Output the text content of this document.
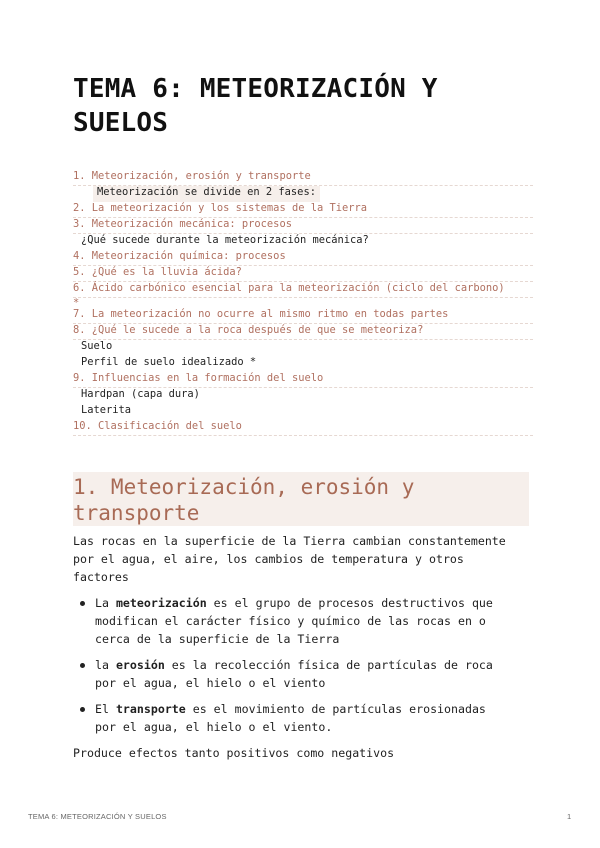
TEMA 6: METEORIZACIÓN Y
SUELOS
1. Meteorización, erosión y transporte
Meteorización se divide en 2 fases:
2. La meteorización y los sistemas de la Tierra
3. Meteorización mecánica: procesos
¿Qué sucede durante la meteorización mecánica?
4. Meteorización química: procesos
5. ¿Qué es la lluvia ácida?
6. Ácido carbónico esencial para la meteorización (ciclo del carbono)
*
7. La meteorización no ocurre al mismo ritmo en todas partes
8. ¿Qué le sucede a la roca después de que se meteoriza?
Suelo
Perfil de suelo idealizado *
9. Influencias en la formación del suelo
Hardpan (capa dura)
Laterita
10. Clasificación del suelo
1. Meteorización, erosión y
transporte
Las rocas en la superficie de la Tierra cambian constantemente
por el agua, el aire, los cambios de temperatura y otros
factores
La meteorización es el grupo de procesos destructivos que
modifican el carácter físico y químico de las rocas en o
cerca de la superficie de la Tierra
la erosión es la recolección física de partículas de roca
por el agua, el hielo o el viento
El transporte es el movimiento de partículas erosionadas
por el agua, el hielo o el viento.
Produce efectos tanto positivos como negativos
TEMA 6: METEORIZACIÓN Y SUELOS	1
